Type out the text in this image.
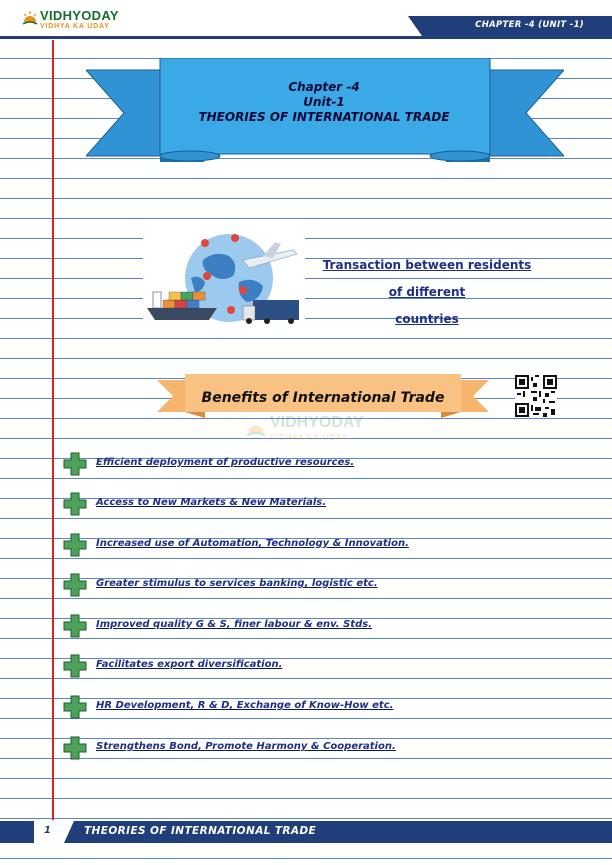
VIDHYODAY
VIDHYA KA UDAY	CHAPTER -4 (UNIT -1)
Chapter -4
Unit-1
THEORIES OF INTERNATIONAL TRADE
Transaction between residents
of different
countries
Benefits of International Trade
VIDHYODAY
VIDHYA KA UDAY
Efficient deployment of productive resources.
Access to New Markets & New Materials.
Increased use of Automation, Technology & Innovation.
Greater stimulus to services banking, logistic etc.
Improved quality G & S, finer labour & env. Stds.
Facilitates export diversification.
HR Development, R & D, Exchange of Know-How etc.
Strengthens Bond, Promote Harmony & Cooperation.
1	THEORIES OF INTERNATIONAL TRADE
